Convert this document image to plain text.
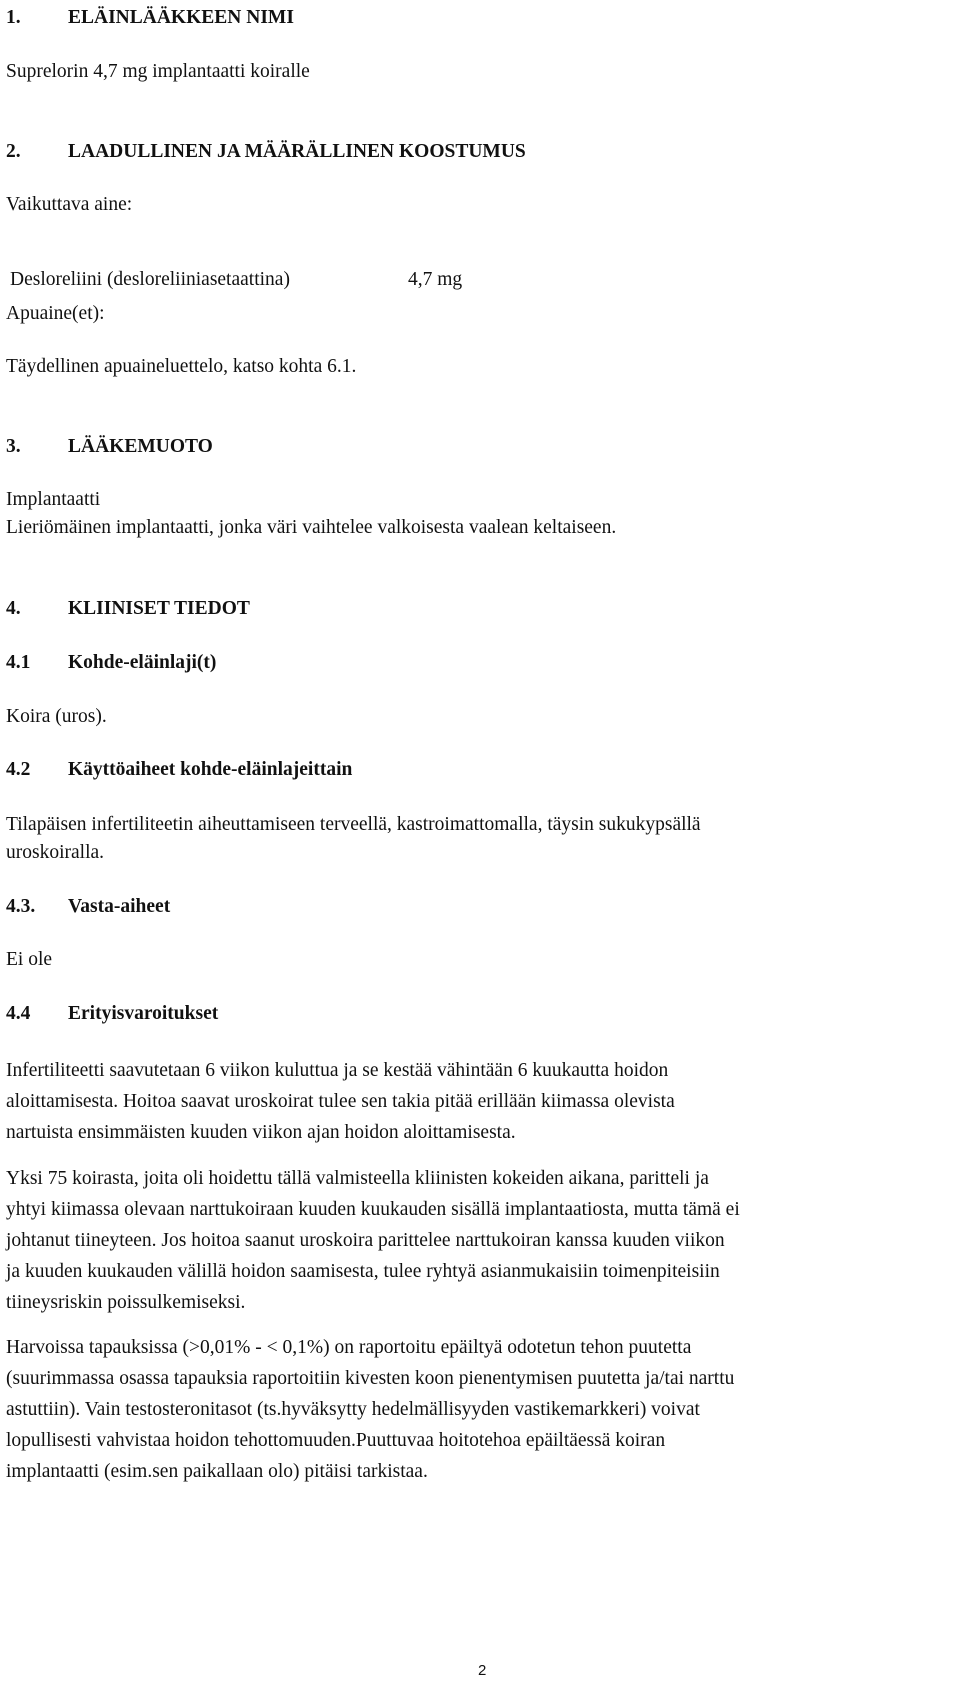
1. ELÄINLÄÄKKEEN NIMI
Suprelorin 4,7 mg implantaatti koiralle
2. LAADULLINEN JA MÄÄRÄLLINEN KOOSTUMUS
Vaikuttava aine:
Desloreliini (desloreliiniasetaattina)	4,7 mg
Apuaine(et):
Täydellinen apuaineluettelo, katso kohta 6.1.
3. LÄÄKEMUOTO
Implantaatti
Lieriömäinen implantaatti, jonka väri vaihtelee valkoisesta vaalean keltaiseen.
4. KLIINISET TIEDOT
4.1 Kohde-eläinlaji(t)
Koira (uros).
4.2 Käyttöaiheet kohde-eläinlajeittain
Tilapäisen infertiliteetin aiheuttamiseen terveellä, kastroimattomalla, täysin sukukypsällä
uroskoiralla.
4.3. Vasta-aiheet
Ei ole
4.4 Erityisvaroitukset
Infertiliteetti saavutetaan 6 viikon kuluttua ja se kestää vähintään 6 kuukautta hoidon
aloittamisesta. Hoitoa saavat uroskoirat tulee sen takia pitää erillään kiimassa olevista
nartuista ensimmäisten kuuden viikon ajan hoidon aloittamisesta.
Yksi 75 koirasta, joita oli hoidettu tällä valmisteella kliinisten kokeiden aikana, paritteli ja
yhtyi kiimassa olevaan narttukoiraan kuuden kuukauden sisällä implantaatiosta, mutta tämä ei
johtanut tiineyteen. Jos hoitoa saanut uroskoira parittelee narttukoiran kanssa kuuden viikon
ja kuuden kuukauden välillä hoidon saamisesta, tulee ryhtyä asianmukaisiin toimenpiteisiin
tiineysriskin poissulkemiseksi.
Harvoissa tapauksissa (>0,01% - < 0,1%) on raportoitu epäiltyä odotetun tehon puutetta
(suurimmassa osassa tapauksia raportoitiin kivesten koon pienentymisen puutetta ja/tai narttu
astuttiin). Vain testosteronitasot (ts.hyväksytty hedelmällisyyden vastikemarkkeri) voivat
lopullisesti vahvistaa hoidon tehottomuuden.Puuttuvaa hoitotehoa epäiltäessä koiran
implantaatti (esim.sen paikallaan olo) pitäisi tarkistaa.
2
